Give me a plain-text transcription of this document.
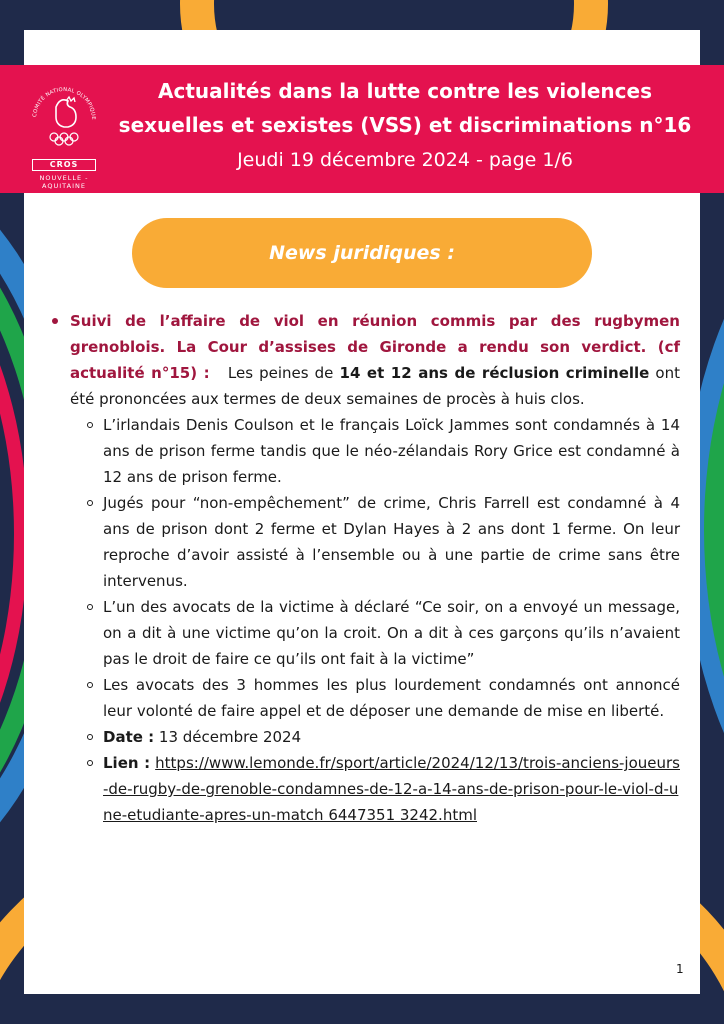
COMITÉ NATIONAL OLYMPIQUE
CROS
NOUVELLE -
AQUITAINE
Actualités dans la lutte contre les violences
sexuelles et sexistes (VSS) et discriminations n°16
Jeudi 19 décembre 2024 - page 1/6
News juridiques :
Suivi de l’affaire de viol en réunion commis par des rugbymen grenoblois. La Cour d’assises de Gironde a rendu son verdict. (cf actualité n°15) : Les peines de 14 et 12 ans de réclusion criminelle ont été prononcées aux termes de deux semaines de procès à huis clos.
L’irlandais Denis Coulson et le français Loïck Jammes sont condamnés à 14 ans de prison ferme tandis que le néo-zélandais Rory Grice est condamné à 12 ans de prison ferme.
Jugés pour “non-empêchement” de crime, Chris Farrell est condamné à 4 ans de prison dont 2 ferme et Dylan Hayes à 2 ans dont 1 ferme. On leur reproche d’avoir assisté à l’ensemble ou à une partie de crime sans être intervenus.
L’un des avocats de la victime à déclaré “Ce soir, on a envoyé un message, on a dit à une victime qu’on la croit. On a dit à ces garçons qu’ils n’avaient pas le droit de faire ce qu’ils ont fait à la victime”
Les avocats des 3 hommes les plus lourdement condamnés ont annoncé leur volonté de faire appel et de déposer une demande de mise en liberté.
Date : 13 décembre 2024
Lien : https://www.lemonde.fr/sport/article/2024/12/13/trois-anciens-joueurs-de-rugby-de-grenoble-condamnes-de-12-a-14-ans-de-prison-pour-le-viol-d-une-etudiante-apres-un-match 6447351 3242.html
1
